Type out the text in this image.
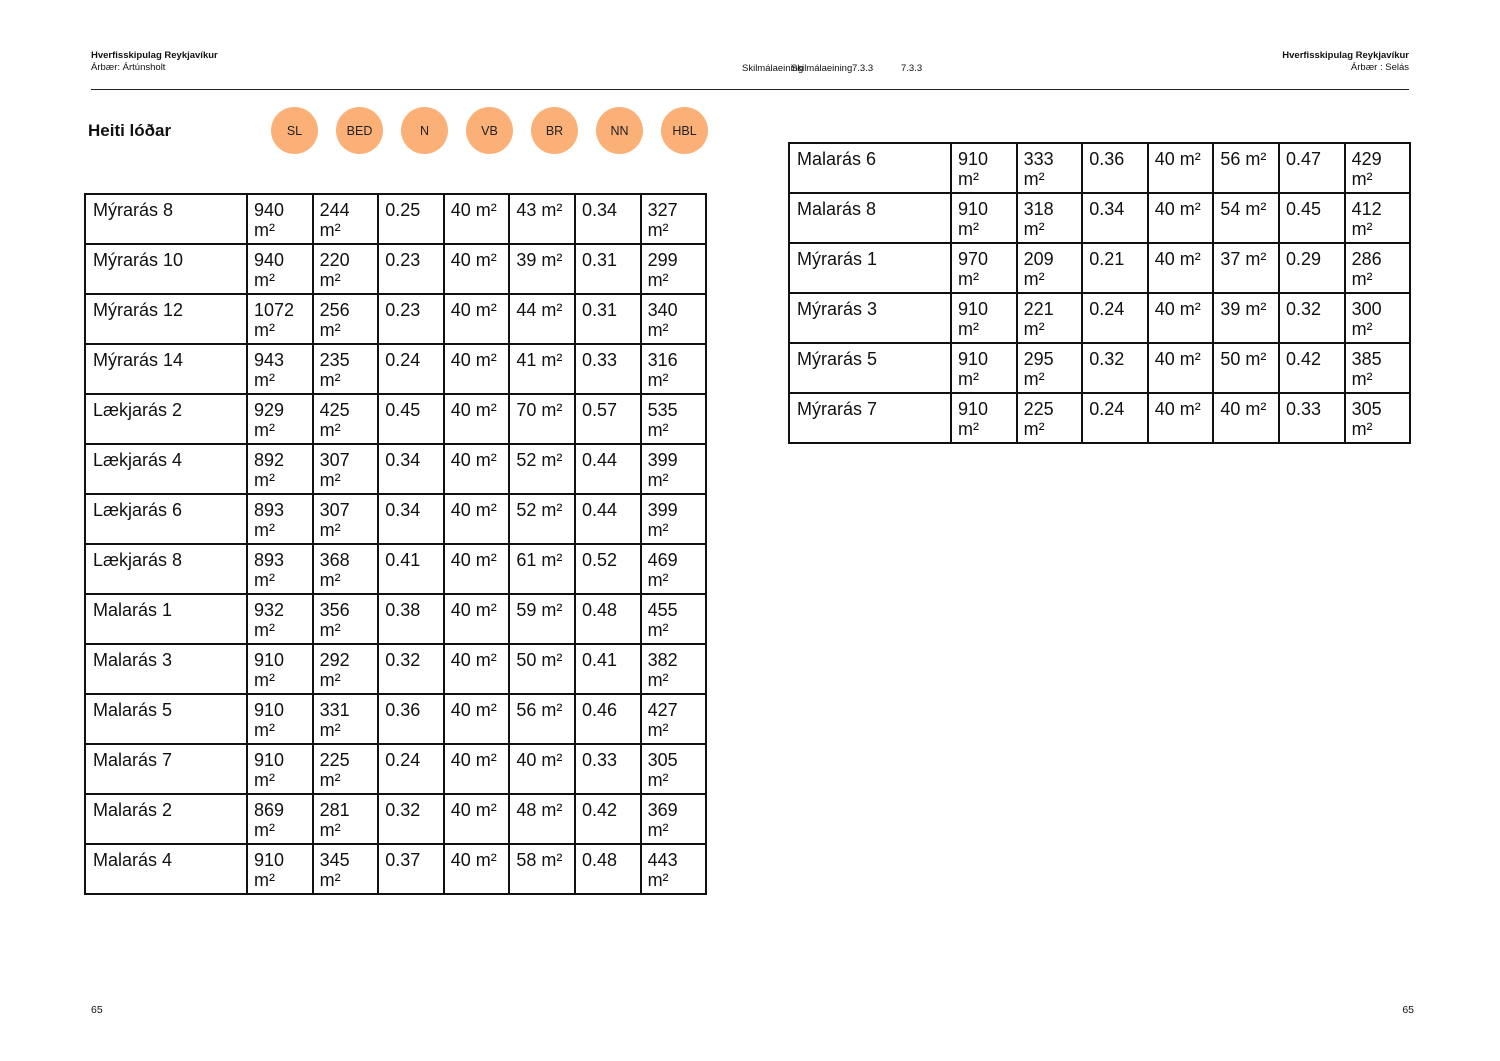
Hverfisskipulag Reykjavíkur
Árbær: Ártúnsholt	Skilmálaeining
Skilmálaeining 7.3.3	7.3.3
Hverfisskipulag Reykjavíkur
Árbær : Selás
Heiti lóðar	SL	BED	N	VB	BR	NN	HBL
Mýrarás 8	940 m²	244 m²	0.25	40 m²	43 m²	0.34	327 m²
Mýrarás 10	940 m²	220 m²	0.23	40 m²	39 m²	0.31	299 m²
Mýrarás 12	1072 m²	256 m²	0.23	40 m²	44 m²	0.31	340 m²
Mýrarás 14	943 m²	235 m²	0.24	40 m²	41 m²	0.33	316 m²
Lækjarás 2	929 m²	425 m²	0.45	40 m²	70 m²	0.57	535 m²
Lækjarás 4	892 m²	307 m²	0.34	40 m²	52 m²	0.44	399 m²
Lækjarás 6	893 m²	307 m²	0.34	40 m²	52 m²	0.44	399 m²
Lækjarás 8	893 m²	368 m²	0.41	40 m²	61 m²	0.52	469 m²
Malarás 1	932 m²	356 m²	0.38	40 m²	59 m²	0.48	455 m²
Malarás 3	910 m²	292 m²	0.32	40 m²	50 m²	0.41	382 m²
Malarás 5	910 m²	331 m²	0.36	40 m²	56 m²	0.46	427 m²
Malarás 7	910 m²	225 m²	0.24	40 m²	40 m²	0.33	305 m²
Malarás 2	869 m²	281 m²	0.32	40 m²	48 m²	0.42	369 m²
Malarás 4	910 m²	345 m²	0.37	40 m²	58 m²	0.48	443 m²
Malarás 6	910 m²	333 m²	0.36	40 m²	56 m²	0.47	429 m²
Malarás 8	910 m²	318 m²	0.34	40 m²	54 m²	0.45	412 m²
Mýrarás 1	970 m²	209 m²	0.21	40 m²	37 m²	0.29	286 m²
Mýrarás 3	910 m²	221 m²	0.24	40 m²	39 m²	0.32	300 m²
Mýrarás 5	910 m²	295 m²	0.32	40 m²	50 m²	0.42	385 m²
Mýrarás 7	910 m²	225 m²	0.24	40 m²	40 m²	0.33	305 m²
65	65
